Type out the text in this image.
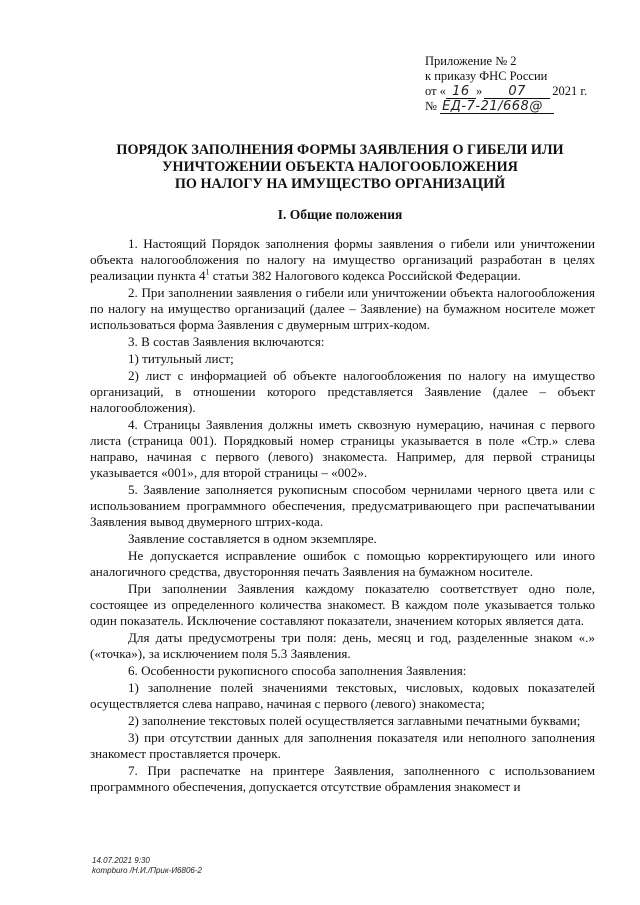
Приложение № 2
к приказу ФНС России
от « 16 » 07 2021 г.
№ ЕД-7-21/668@
ПОРЯДОК ЗАПОЛНЕНИЯ ФОРМЫ ЗАЯВЛЕНИЯ О ГИБЕЛИ ИЛИ
УНИЧТОЖЕНИИ ОБЪЕКТА НАЛОГООБЛОЖЕНИЯ
ПО НАЛОГУ НА ИМУЩЕСТВО ОРГАНИЗАЦИЙ
I. Общие положения

1. Настоящий Порядок заполнения формы заявления о гибели или уничтожении объекта налогообложения по налогу на имущество организаций разработан в целях реализации пункта $4^1$ статьи 382 Налогового кодекса Российской Федерации.

2. При заполнении заявления о гибели или уничтожении объекта налогообложения по налогу на имущество организаций (далее – Заявление) на бумажном носителе может использоваться форма Заявления с двумерным штрих-кодом.

3. В состав Заявления включаются:

1) титульный лист;

2) лист с информацией об объекте налогообложения по налогу на имущество организаций, в отношении которого представляется Заявление (далее – объект налогообложения).

4. Страницы Заявления должны иметь сквозную нумерацию, начиная с первого листа (страница 001). Порядковый номер страницы указывается в поле «Стр.» слева направо, начиная с первого (левого) знакоместа. Например, для первой страницы указывается «001», для второй страницы – «002».

5. Заявление заполняется рукописным способом чернилами черного цвета или с использованием программного обеспечения, предусматривающего при распечатывании Заявления вывод двумерного штрих-кода.

Заявление составляется в одном экземпляре.

Не допускается исправление ошибок с помощью корректирующего или иного аналогичного средства, двусторонняя печать Заявления на бумажном носителе.

При заполнении Заявления каждому показателю соответствует одно поле, состоящее из определенного количества знакомест. В каждом поле указывается только один показатель. Исключение составляют показатели, значением которых является дата.

Для даты предусмотрены три поля: день, месяц и год, разделенные знаком «.» («точка»), за исключением поля 5.3 Заявления.

6. Особенности рукописного способа заполнения Заявления:

1) заполнение полей значениями текстовых, числовых, кодовых показателей осуществляется слева направо, начиная с первого (левого) знакоместа;

2) заполнение текстовых полей осуществляется заглавными печатными буквами;

3) при отсутствии данных для заполнения показателя или неполного заполнения знакомест проставляется прочерк.

7. При распечатке на принтере Заявления, заполненного с использованием программного обеспечения, допускается отсутствие обрамления знакомест и

14.07.2021 9:30
kompburo /Н.И./Прик-И6806-2
